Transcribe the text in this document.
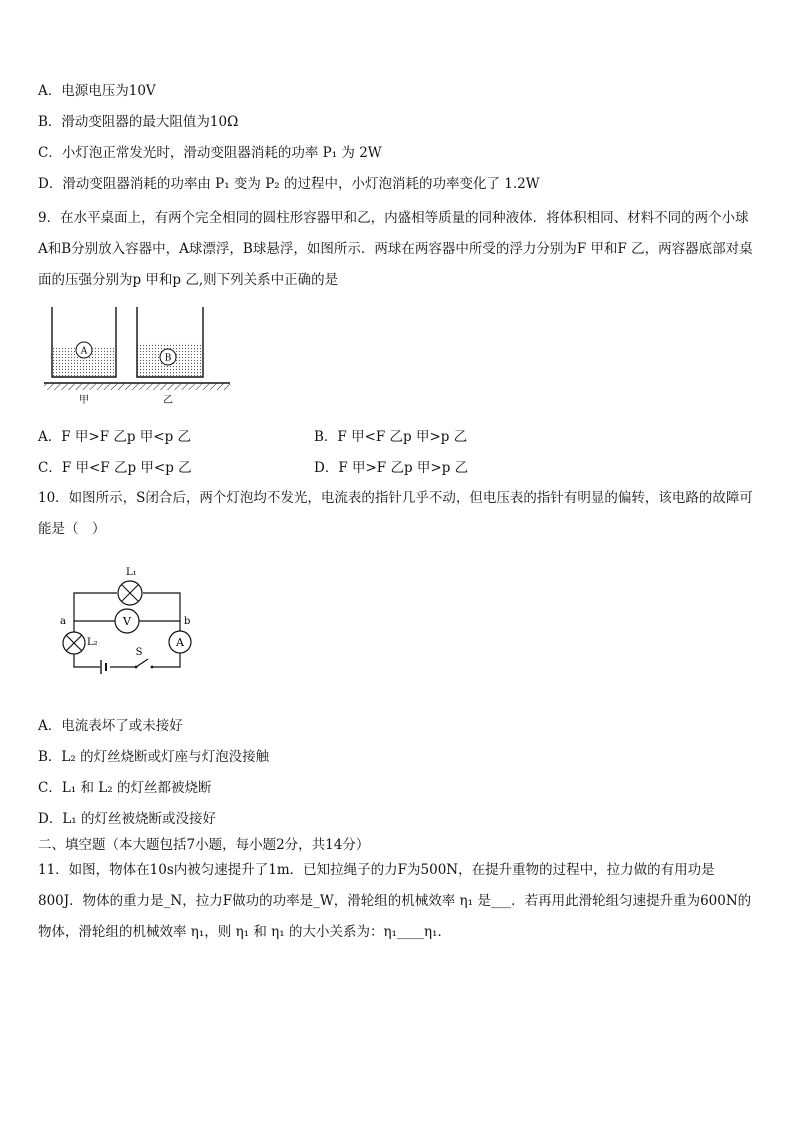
A．电源电压为10V
B．滑动变阻器的最大阻值为10Ω
C．小灯泡正常发光时，滑动变阻器消耗的功率 P₁ 为 2W
D．滑动变阻器消耗的功率由 P₁ 变为 P₂ 的过程中，小灯泡消耗的功率变化了 1.2W
9．在水平桌面上，有两个完全相同的圆柱形容器甲和乙，内盛相等质量的同种液体．将体积相同、材料不同的两个小球A和B分别放入容器中，A球漂浮，B球悬浮，如图所示．两球在两容器中所受的浮力分别为F 甲和F 乙，两容器底部对桌面的压强分别为p 甲和p 乙,则下列关系中正确的是
A
B
甲	乙
A．F 甲>F 乙p 甲<p 乙	B．F 甲<F 乙p 甲>p 乙
C．F 甲<F 乙p 甲<p 乙	D．F 甲>F 乙p 甲>p 乙
10．如图所示，S闭合后，两个灯泡均不发光，电流表的指针几乎不动，但电压表的指针有明显的偏转，该电路的故障可能是（　）
S
L₁
V
L₂	A
a	b
A．电流表坏了或未接好
B．L₂ 的灯丝烧断或灯座与灯泡没接触
C．L₁ 和 L₂ 的灯丝都被烧断
D．L₁ 的灯丝被烧断或没接好
二、填空题（本大题包括7小题，每小题2分，共14分）
11．如图，物体在10s内被匀速提升了1m．已知拉绳子的力F为500N，在提升重物的过程中，拉力做的有用功是800J．物体的重力是_N，拉力F做功的功率是_W，滑轮组的机械效率 η₁ 是___．若再用此滑轮组匀速提升重为600N的物体，滑轮组的机械效率 η₁，则 η₁ 和 η₁ 的大小关系为：η₁____η₁．
